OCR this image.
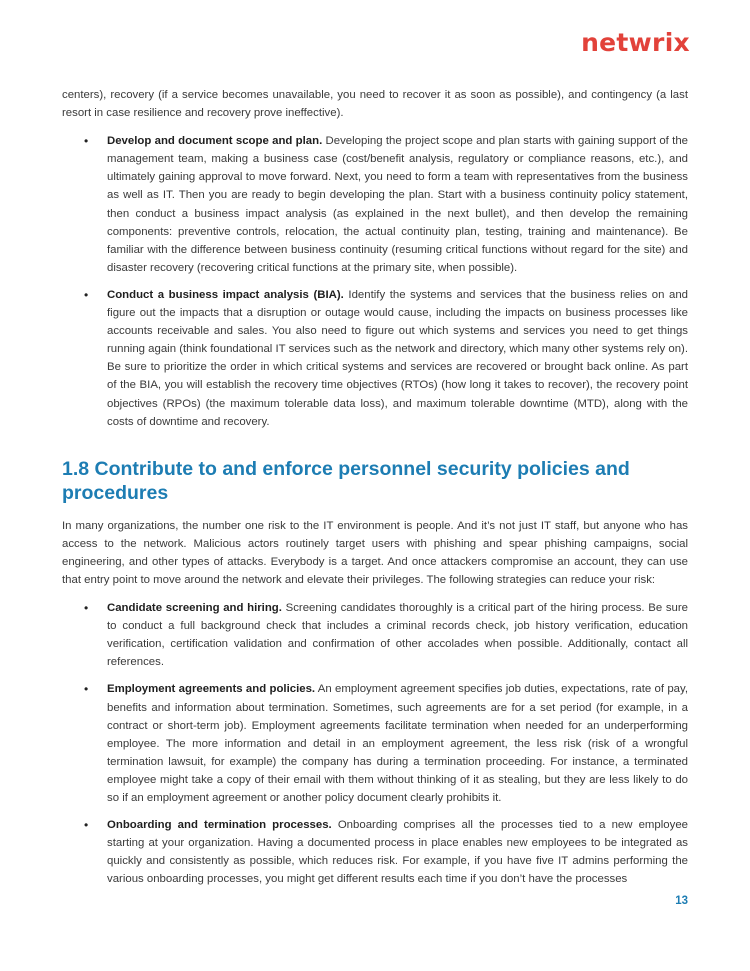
netwrix

centers), recovery (if a service becomes unavailable, you need to recover it as soon as possible), and contingency (a last resort in case resilience and recovery prove ineffective).

• Develop and document scope and plan. Developing the project scope and plan starts with gaining support of the management team, making a business case (cost/benefit analysis, regulatory or compliance reasons, etc.), and ultimately gaining approval to move forward. Next, you need to form a team with representatives from the business as well as IT. Then you are ready to begin developing the plan. Start with a business continuity policy statement, then conduct a business impact analysis (as explained in the next bullet), and then develop the remaining components: preventive controls, relocation, the actual continuity plan, testing, training and maintenance). Be familiar with the difference between business continuity (resuming critical functions without regard for the site) and disaster recovery (recovering critical functions at the primary site, when possible).
• Conduct a business impact analysis (BIA). Identify the systems and services that the business relies on and figure out the impacts that a disruption or outage would cause, including the impacts on business processes like accounts receivable and sales. You also need to figure out which systems and services you need to get things running again (think foundational IT services such as the network and directory, which many other systems rely on). Be sure to prioritize the order in which critical systems and services are recovered or brought back online. As part of the BIA, you will establish the recovery time objectives (RTOs) (how long it takes to recover), the recovery point objectives (RPOs) (the maximum tolerable data loss), and maximum tolerable downtime (MTD), along with the costs of downtime and recovery.
1.8 Contribute to and enforce personnel security policies and procedures

In many organizations, the number one risk to the IT environment is people. And it’s not just IT staff, but anyone who has access to the network. Malicious actors routinely target users with phishing and spear phishing campaigns, social engineering, and other types of attacks. Everybody is a target. And once attackers compromise an account, they can use that entry point to move around the network and elevate their privileges. The following strategies can reduce your risk:

• Candidate screening and hiring. Screening candidates thoroughly is a critical part of the hiring process. Be sure to conduct a full background check that includes a criminal records check, job history verification, education verification, certification validation and confirmation of other accolades when possible. Additionally, contact all references.
• Employment agreements and policies. An employment agreement specifies job duties, expectations, rate of pay, benefits and information about termination. Sometimes, such agreements are for a set period (for example, in a contract or short-term job). Employment agreements facilitate termination when needed for an underperforming employee. The more information and detail in an employment agreement, the less risk (risk of a wrongful termination lawsuit, for example) the company has during a termination proceeding. For instance, a terminated employee might take a copy of their email with them without thinking of it as stealing, but they are less likely to do so if an employment agreement or another policy document clearly prohibits it.
• Onboarding and termination processes. Onboarding comprises all the processes tied to a new employee starting at your organization. Having a documented process in place enables new employees to be integrated as quickly and consistently as possible, which reduces risk. For example, if you have five IT admins performing the various onboarding processes, you might get different results each time if you don’t have the processes
13
